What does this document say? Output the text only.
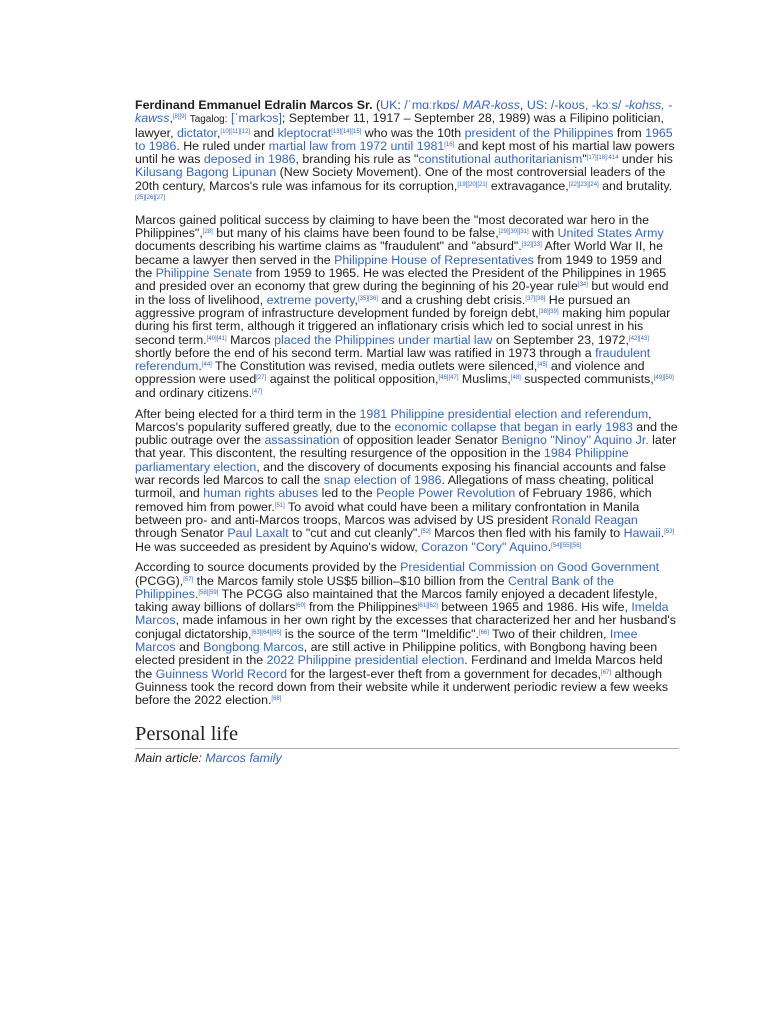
Ferdinand Emmanuel Edralin Marcos Sr. (UK: /ˈmɑːrkɒs/ MAR-koss, US: /-koʊs, -kɔːs/ -kohss, -kawss,[8][9] Tagalog: [ˈmarkɔs]; September 11, 1917 – September 28, 1989) was a Filipino politician, lawyer, dictator,[10][11][12] and kleptocrat[13][14][15] who was the 10th president of the Philippines from 1965 to 1986. He ruled under martial law from 1972 until 1981[16] and kept most of his martial law powers until he was deposed in 1986, branding his rule as "constitutional authoritarianism"$^{[17][18]:414}$ under his Kilusang Bagong Lipunan (New Society Movement). One of the most controversial leaders of the 20th century, Marcos's rule was infamous for its corruption,[19][20][21] extravagance,[22][23][24] and brutality.[25][26][27]

Marcos gained political success by claiming to have been the "most decorated war hero in the Philippines",[28] but many of his claims have been found to be false,[29][30][31] with United States Army documents describing his wartime claims as "fraudulent" and "absurd".[32][33] After World War II, he became a lawyer then served in the Philippine House of Representatives from 1949 to 1959 and the Philippine Senate from 1959 to 1965. He was elected the President of the Philippines in 1965 and presided over an economy that grew during the beginning of his 20-year rule[34] but would end in the loss of livelihood, extreme poverty,[35][36] and a crushing debt crisis.[37][38] He pursued an aggressive program of infrastructure development funded by foreign debt,[38][39] making him popular during his first term, although it triggered an inflationary crisis which led to social unrest in his second term.[40][41] Marcos placed the Philippines under martial law on September 23, 1972,[42][43] shortly before the end of his second term. Martial law was ratified in 1973 through a fraudulent referendum.[44] The Constitution was revised, media outlets were silenced,[45] and violence and oppression were used[27] against the political opposition,[46][47] Muslims,[48] suspected communists,[49][50] and ordinary citizens.[47]

After being elected for a third term in the 1981 Philippine presidential election and referendum, Marcos's popularity suffered greatly, due to the economic collapse that began in early 1983 and the public outrage over the assassination of opposition leader Senator Benigno "Ninoy" Aquino Jr. later that year. This discontent, the resulting resurgence of the opposition in the 1984 Philippine parliamentary election, and the discovery of documents exposing his financial accounts and false war records led Marcos to call the snap election of 1986. Allegations of mass cheating, political turmoil, and human rights abuses led to the People Power Revolution of February 1986, which removed him from power.[51] To avoid what could have been a military confrontation in Manila between pro- and anti-Marcos troops, Marcos was advised by US president Ronald Reagan through Senator Paul Laxalt to "cut and cut cleanly".[52] Marcos then fled with his family to Hawaii.[53] He was succeeded as president by Aquino's widow, Corazon "Cory" Aquino.[54][55][56]

According to source documents provided by the Presidential Commission on Good Government (PCGG),[57] the Marcos family stole US$5 billion–$10 billion from the Central Bank of the Philippines.[58][59] The PCGG also maintained that the Marcos family enjoyed a decadent lifestyle, taking away billions of dollars[60] from the Philippines[61][62] between 1965 and 1986. His wife, Imelda Marcos, made infamous in her own right by the excesses that characterized her and her husband's conjugal dictatorship,[63][64][65] is the source of the term "Imeldific".[66] Two of their children, Imee Marcos and Bongbong Marcos, are still active in Philippine politics, with Bongbong having been elected president in the 2022 Philippine presidential election. Ferdinand and Imelda Marcos held the Guinness World Record for the largest-ever theft from a government for decades,[67] although Guinness took the record down from their website while it underwent periodic review a few weeks before the 2022 election.[68]

Personal life
Main article: Marcos family
